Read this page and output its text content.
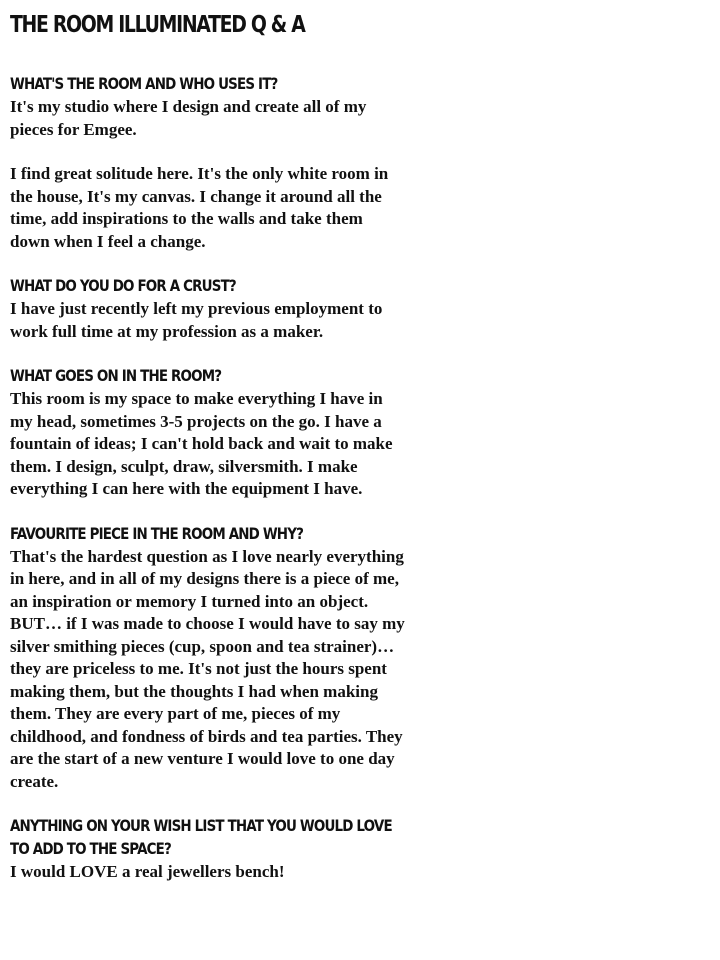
THE ROOM ILLUMINATED Q & A
WHAT'S THE ROOM AND WHO USES IT?

It's my studio where I design and create all of my pieces for Emgee.

I find great solitude here. It's the only white room in the house, It's my canvas. I change it around all the time, add inspirations to the walls and take them down when I feel a change.

WHAT DO YOU DO FOR A CRUST?

I have just recently left my previous employment to work full time at my profession as a maker.

WHAT GOES ON IN THE ROOM?

This room is my space to make everything I have in my head, sometimes 3-5 projects on the go. I have a fountain of ideas; I can't hold back and wait to make them. I design, sculpt, draw, silversmith. I make everything I can here with the equipment I have.

FAVOURITE PIECE IN THE ROOM AND WHY?

That's the hardest question as I love nearly everything in here, and in all of my designs there is a piece of me, an inspiration or memory I turned into an object. BUT… if I was made to choose I would have to say my silver smithing pieces (cup, spoon and tea strainer)… they are priceless to me. It's not just the hours spent making them, but the thoughts I had when making them. They are every part of me, pieces of my childhood, and fondness of birds and tea parties. They are the start of a new venture I would love to one day create.

ANYTHING ON YOUR WISH LIST THAT YOU WOULD LOVE TO ADD TO THE SPACE?

I would LOVE a real jewellers bench!
